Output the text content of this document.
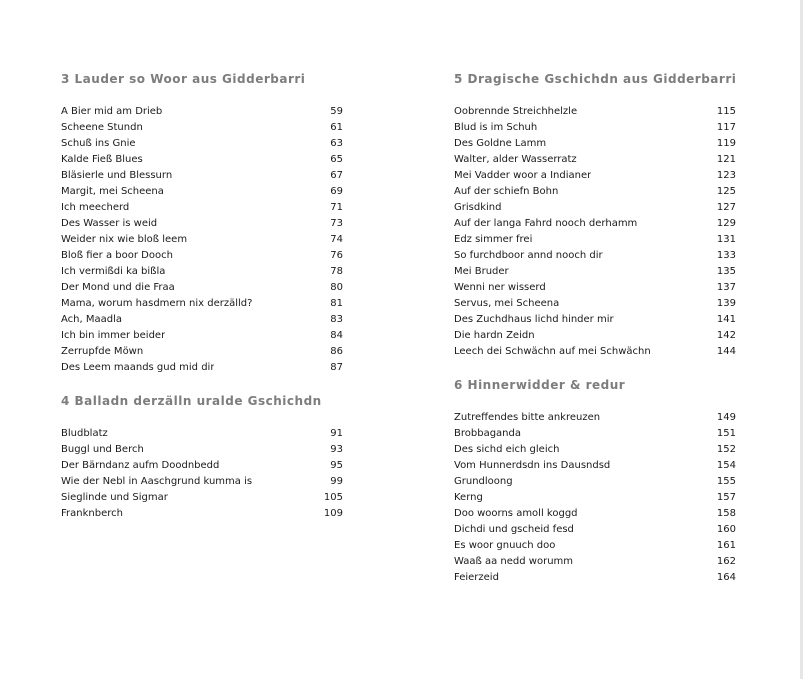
3 Lauder so Woor aus Gidderbarri
A Bier mid am Drieb	59
Scheene Stundn	61
Schuß ins Gnie	63
Kalde Fieß Blues	65
Bläsierle und Blessurn	67
Margit, mei Scheena	69
Ich meecherd	71
Des Wasser is weid	73
Weider nix wie bloß leem	74
Bloß fier a boor Dooch	76
Ich vermißdi ka bißla	78
Der Mond und die Fraa	80
Mama, worum hasdmern nix derzälld?	81
Ach, Maadla	83
Ich bin immer beider	84
Zerrupfde Möwn	86
Des Leem maands gud mid dir	87
4 Balladn derzälln uralde Gschichdn
Bludblatz	91
Buggl und Berch	93
Der Bärndanz aufm Doodnbedd	95
Wie der Nebl in Aaschgrund kumma is	99
Sieglinde und Sigmar	105
Franknberch	109
5 Dragische Gschichdn aus Gidderbarri
Oobrennde Streichhelzle	115
Blud is im Schuh	117
Des Goldne Lamm	119
Walter, alder Wasserratz	121
Mei Vadder woor a Indianer	123
Auf der schiefn Bohn	125
Grisdkind	127
Auf der langa Fahrd nooch derhamm	129
Edz simmer frei	131
So furchdboor annd nooch dir	133
Mei Bruder	135
Wenni ner wisserd	137
Servus, mei Scheena	139
Des Zuchdhaus lichd hinder mir	141
Die hardn Zeidn	142
Leech dei Schwächn auf mei Schwächn	144
6 Hinnerwidder & redur
Zutreffendes bitte ankreuzen	149
Brobbaganda	151
Des sichd eich gleich	152
Vom Hunnerdsdn ins Dausndsd	154
Grundloong	155
Kerng	157
Doo woorns amoll koggd	158
Dichdi und gscheid fesd	160
Es woor gnuuch doo	161
Waaß aa nedd worumm	162
Feierzeid	164
